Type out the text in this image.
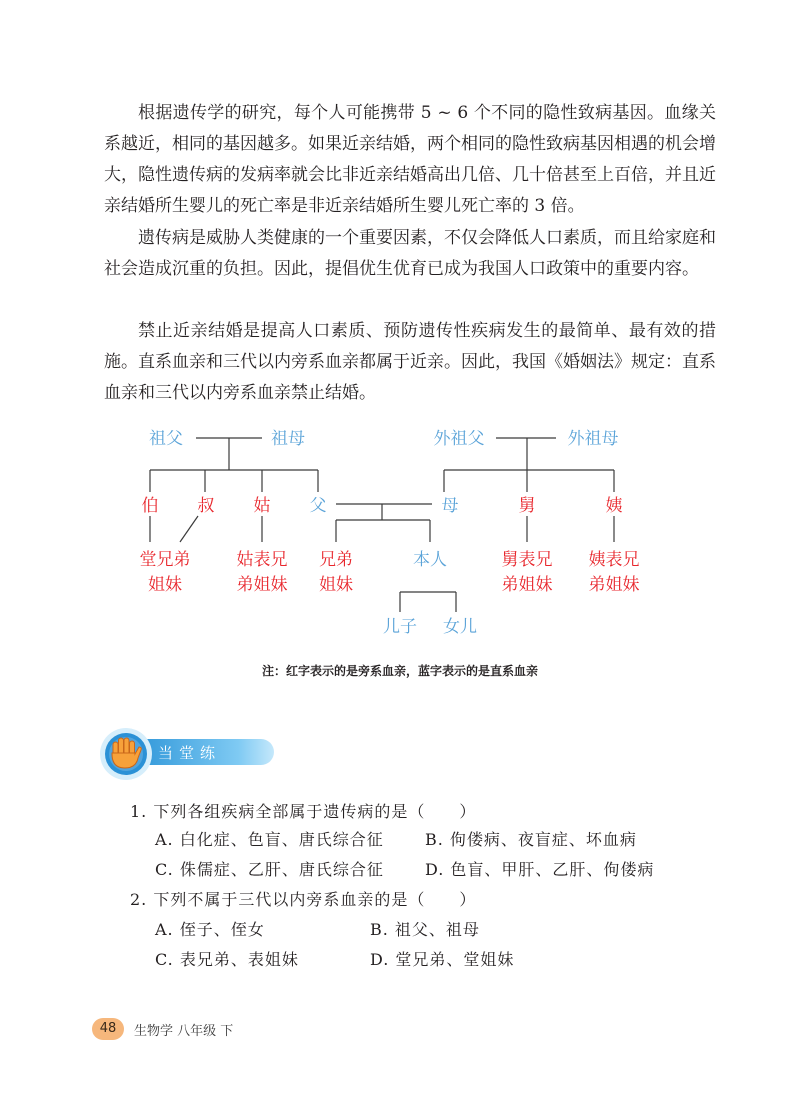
根据遗传学的研究，每个人可能携带 5 ~ 6 个不同的隐性致病基因。血缘关系越近，相同的基因越多。如果近亲结婚，两个相同的隐性致病基因相遇的机会增大，隐性遗传病的发病率就会比非近亲结婚高出几倍、几十倍甚至上百倍，并且近亲结婚所生婴儿的死亡率是非近亲结婚所生婴儿死亡率的 3 倍。

遗传病是威胁人类健康的一个重要因素，不仅会降低人口素质，而且给家庭和社会造成沉重的负担。因此，提倡优生优育已成为我国人口政策中的重要内容。

禁止近亲结婚是提高人口素质、预防遗传性疾病发生的最简单、最有效的措施。直系血亲和三代以内旁系血亲都属于近亲。因此，我国《婚姻法》规定：直系血亲和三代以内旁系血亲禁止结婚。

祖父	祖母	外祖父	外祖母
伯 叔 姑 父	母	舅	姨
堂兄弟
姐妹
姑表兄
弟姐妹
兄弟
姐妹
本人	舅表兄
弟姐妹
姨表兄
弟姐妹
儿子 女儿
注：红字表示的是旁系血亲，蓝字表示的是直系血亲
当堂练
1. 下列各组疾病全部属于遗传病的是（　　）
A. 白化症、色盲、唐氏综合征	B. 佝偻病、夜盲症、坏血病
C. 侏儒症、乙肝、唐氏综合征	D. 色盲、甲肝、乙肝、佝偻病
2. 下列不属于三代以内旁系血亲的是（　　）
A. 侄子、侄女	B. 祖父、祖母
C. 表兄弟、表姐妹	D. 堂兄弟、堂姐妹
48	生物学 八年级 下
